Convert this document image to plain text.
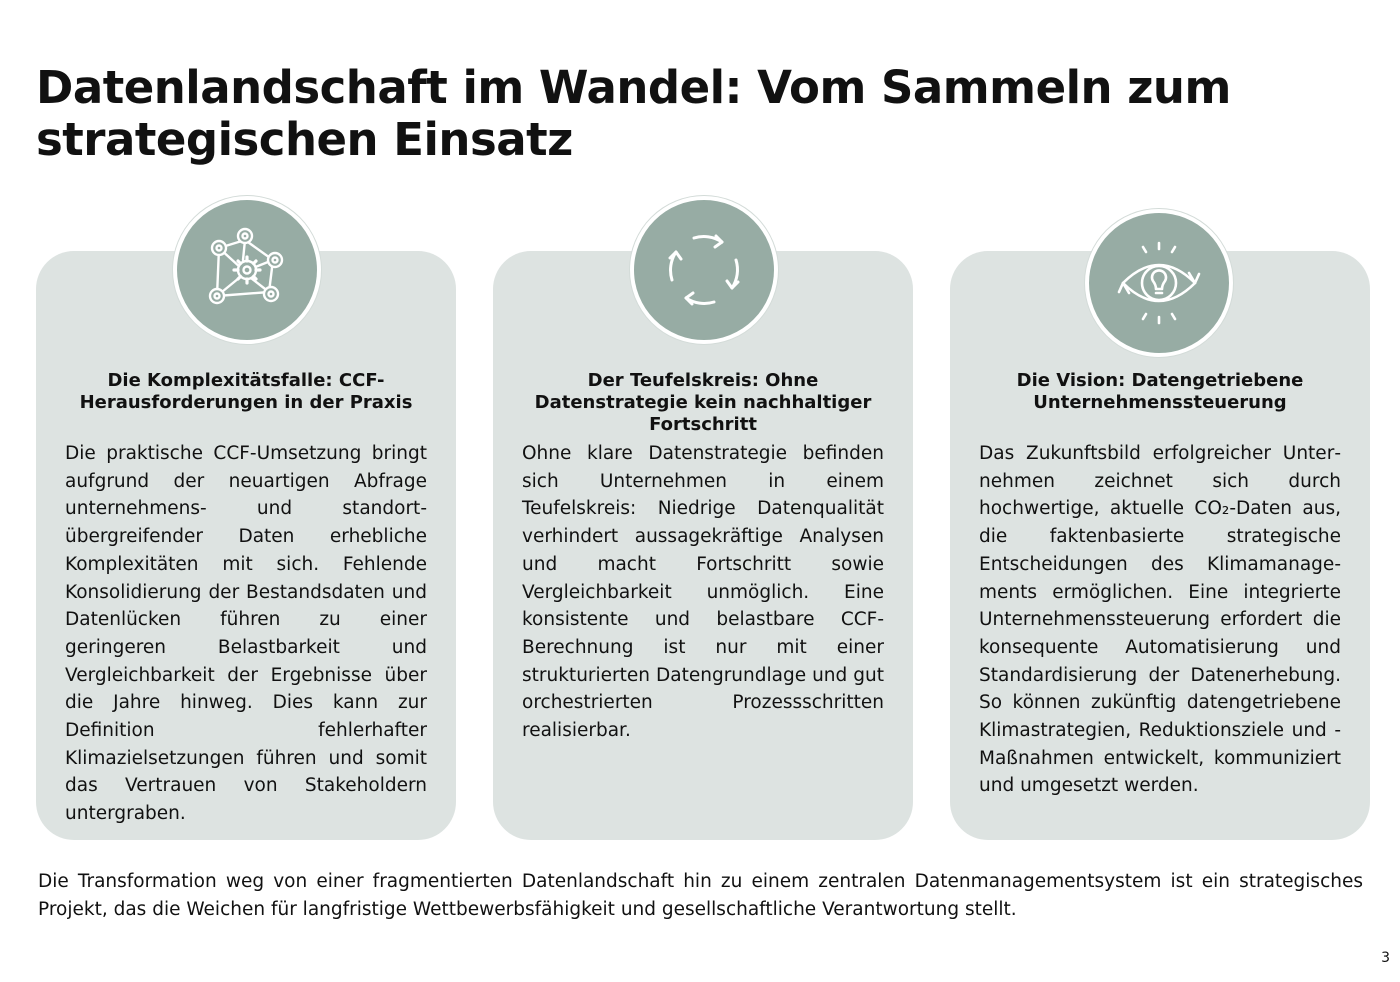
Datenlandschaft im Wandel: Vom Sammeln zum strategischen Einsatz
Die Komplexitätsfalle: CCF-Herausforderungen in der Praxis

Die praktische CCF-Umsetzung bringt aufgrund der neuartigen Abfrage unternehmens- und standortübergreifender Daten erhebliche Komplexitäten mit sich. Fehlende Konsolidierung der Bestandsdaten und Datenlücken führen zu einer geringeren Belastbarkeit und Vergleichbarkeit der Ergebnisse über die Jahre hinweg. Dies kann zur Definition fehlerhafter Klimazielsetzungen führen und somit das Vertrauen von Stakeholdern untergraben.

Der Teufelskreis: Ohne Datenstrategie kein nachhaltiger Fortschritt

Ohne klare Datenstrategie befinden sich Unternehmen in einem Teufelskreis: Niedrige Datenqualität verhindert aussagekräftige Analysen und macht Fortschritt sowie Vergleichbarkeit unmöglich. Eine konsistente und belastbare CCF-Berechnung ist nur mit einer strukturierten Datengrundlage und gut orchestrierten Prozessschritten realisierbar.

Die Vision: Datengetriebene Unternehmenssteuerung

Das Zukunftsbild erfolgreicher Unternehmen zeichnet sich durch hochwertige, aktuelle CO₂-Daten aus, die faktenbasierte strategische Entscheidungen des Klimamanagements ermöglichen. Eine integrierte Unternehmenssteuerung erfordert die konsequente Automatisierung und Standardisierung der Datenerhebung. So können zukünftig datengetriebene Klimastrategien, Reduktionsziele und -Maßnahmen entwickelt, kommuniziert und umgesetzt werden.

Die Transformation weg von einer fragmentierten Datenlandschaft hin zu einem zentralen Datenmanagementsystem ist ein strategisches Projekt, das die Weichen für langfristige Wettbewerbsfähigkeit und gesellschaftliche Verantwortung stellt.

3
